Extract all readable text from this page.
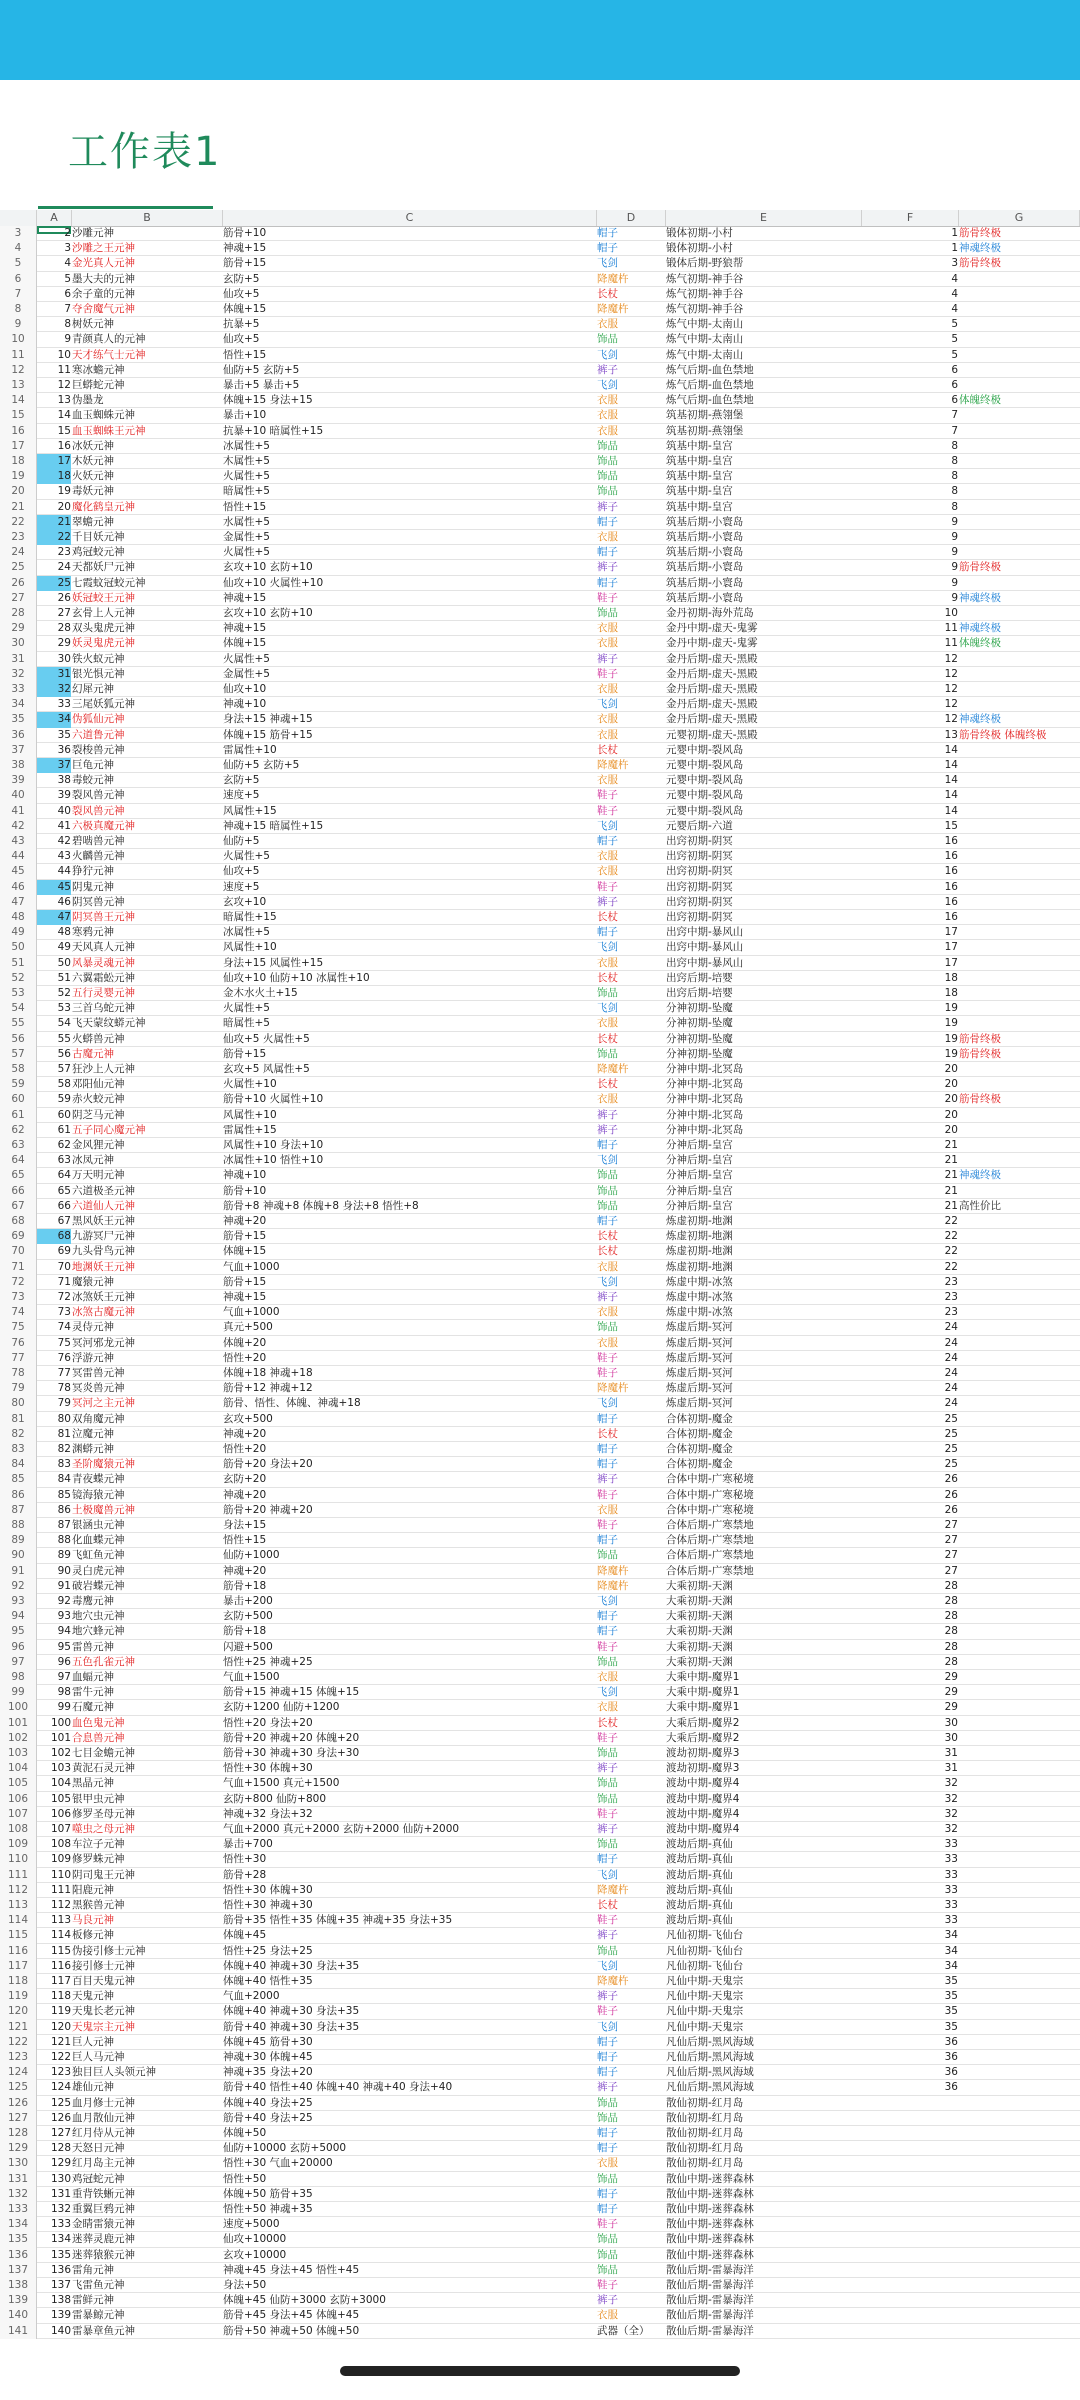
工作表1
A	B	C	D	E	F	G
3	2 沙雕元神	筋骨+10	帽子	锻体初期-小村	1 筋骨终极
4	3 沙雕之王元神	神魂+15	帽子	锻体初期-小村	1 神魂终极
5	4 金光真人元神	筋骨+15	飞剑	锻体后期-野狼帮	3 筋骨终极
6	5 墨大夫的元神	玄防+5	降魔杵	炼气初期-神手谷	4
7	6 余子童的元神	仙攻+5	长杖	炼气初期-神手谷	4
8	7 夺舍魔气元神	体魄+15	降魔杵	炼气初期-神手谷	4
9	8 树妖元神	抗暴+5	衣服	炼气中期-太南山	5
10	9 青颜真人的元神	仙攻+5	饰品	炼气中期-太南山	5
11	10 天才练气士元神	悟性+15	飞剑	炼气中期-太南山	5
12	11 寒冰蟾元神	仙防+5 玄防+5	裤子	炼气后期-血色禁地	6
13	12 巨蟒蛇元神	暴击+5 暴击+5	飞剑	炼气后期-血色禁地	6
14	13 伪墨龙	体魄+15 身法+15	衣服	炼气后期-血色禁地	6 体魄终极
15	14 血玉蜘蛛元神	暴击+10	衣服	筑基初期-燕翎堡	7
16	15 血玉蜘蛛王元神	抗暴+10 暗属性+15	衣服	筑基初期-燕翎堡	7
17	16 冰妖元神	冰属性+5	饰品	筑基中期-皇宫	8
18	17 木妖元神	木属性+5	饰品	筑基中期-皇宫	8
19	18 火妖元神	火属性+5	饰品	筑基中期-皇宫	8
20	19 毒妖元神	暗属性+5	饰品	筑基中期-皇宫	8
21	20 魔化鹤皇元神	悟性+15	裤子	筑基中期-皇宫	8
22	21 翠蟾元神	水属性+5	帽子	筑基后期-小寰岛	9
23	22 千目妖元神	金属性+5	衣服	筑基后期-小寰岛	9
24	23 鸡冠蛟元神	火属性+5	帽子	筑基后期-小寰岛	9
25	24 天都妖尸元神	玄攻+10 玄防+10	裤子	筑基后期-小寰岛	9 筋骨终极
26	25 七霞蚊冠蛟元神	仙攻+10 火属性+10	帽子	筑基后期-小寰岛	9
27	26 妖冠蛟王元神	神魂+15	鞋子	筑基后期-小寰岛	9 神魂终极
28	27 玄骨上人元神	玄攻+10 玄防+10	饰品	金丹初期-海外荒岛	10
29	28 双头鬼虎元神	神魂+15	衣服	金丹中期-虚天-鬼雾	11 神魂终极
30	29 妖灵鬼虎元神	体魄+15	衣服	金丹中期-虚天-鬼雾	11 体魄终极
31	30 铁火蚁元神	火属性+5	裤子	金丹后期-虚天-黑殿	12
32	31 银光惧元神	金属性+5	鞋子	金丹后期-虚天-黑殿	12
33	32 幻犀元神	仙攻+10	衣服	金丹后期-虚天-黑殿	12
34	33 三尾妖狐元神	神魂+10	飞剑	金丹后期-虚天-黑殿	12
35	34 伪狐仙元神	身法+15 神魂+15	衣服	金丹后期-虚天-黑殿	12 神魂终极
36	35 六道鲁元神	体魄+15 筋骨+15	衣服	元婴初期-虚天-黑殿	13 筋骨终极 体魄终极
37	36 裂梭兽元神	雷属性+10	长杖	元婴中期-裂风岛	14
38	37 巨龟元神	仙防+5 玄防+5	降魔杵	元婴中期-裂风岛	14
39	38 毒蛟元神	玄防+5	衣服	元婴中期-裂风岛	14
40	39 裂风兽元神	速度+5	鞋子	元婴中期-裂风岛	14
41	40 裂风兽元神	风属性+15	鞋子	元婴中期-裂风岛	14
42	41 六极真魔元神	神魂+15 暗属性+15	飞剑	元婴后期-六道	15
43	42 碧啮兽元神	仙防+5	帽子	出窍初期-阴冥	16
44	43 火麟兽元神	火属性+5	衣服	出窍初期-阴冥	16
45	44 狰狞元神	仙攻+5	衣服	出窍初期-阴冥	16
46	45 阴鬼元神	速度+5	鞋子	出窍初期-阴冥	16
47	46 阴冥兽元神	玄攻+10	裤子	出窍初期-阴冥	16
48	47 阴冥兽王元神	暗属性+15	长杖	出窍初期-阴冥	16
49	48 寒鸦元神	冰属性+5	帽子	出窍中期-暴风山	17
50	49 天风真人元神	风属性+10	飞剑	出窍中期-暴风山	17
51	50 风暴灵魂元神	身法+15 风属性+15	衣服	出窍中期-暴风山	17
52	51 六翼霜蚣元神	仙攻+10 仙防+10 冰属性+10	长杖	出窍后期-培婴	18
53	52 五行灵婴元神	金木水火土+15	饰品	出窍后期-培婴	18
54	53 三首乌蛇元神	火属性+5	飞剑	分神初期-坠魔	19
55	54 飞天蒙纹蟒元神	暗属性+5	衣服	分神初期-坠魔	19
56	55 火蟒兽元神	仙攻+5 火属性+5	长杖	分神初期-坠魔	19 筋骨终极
57	56 古魔元神	筋骨+15	饰品	分神初期-坠魔	19 筋骨终极
58	57 狂沙上人元神	玄攻+5 风属性+5	降魔杵	分神中期-北冥岛	20
59	58 邓阳仙元神	火属性+10	长杖	分神中期-北冥岛	20
60	59 赤火蛟元神	筋骨+10 火属性+10	衣服	分神中期-北冥岛	20 筋骨终极
61	60 阴芝马元神	风属性+10	裤子	分神中期-北冥岛	20
62	61 五子同心魔元神	雷属性+15	裤子	分神中期-北冥岛	20
63	62 金风狸元神	风属性+10 身法+10	帽子	分神后期-皇宫	21
64	63 冰凤元神	冰属性+10 悟性+10	飞剑	分神后期-皇宫	21
65	64 万天明元神	神魂+10	饰品	分神后期-皇宫	21 神魂终极
66	65 六道极圣元神	筋骨+10	饰品	分神后期-皇宫	21
67	66 六道仙人元神	筋骨+8 神魂+8 体魄+8 身法+8 悟性+8	饰品	分神后期-皇宫	21 高性价比
68	67 黑风妖王元神	神魂+20	帽子	炼虚初期-地渊	22
69	68 九游冥尸元神	筋骨+15	长杖	炼虚初期-地渊	22
70	69 九头骨鸟元神	体魄+15	长杖	炼虚初期-地渊	22
71	70 地渊妖王元神	气血+1000	衣服	炼虚初期-地渊	22
72	71 魔猿元神	筋骨+15	飞剑	炼虚中期-冰煞	23
73	72 冰煞妖王元神	神魂+15	裤子	炼虚中期-冰煞	23
74	73 冰煞古魔元神	气血+1000	衣服	炼虚中期-冰煞	23
75	74 灵侍元神	真元+500	饰品	炼虚后期-冥河	24
76	75 冥河邪龙元神	体魄+20	衣服	炼虚后期-冥河	24
77	76 浮游元神	悟性+20	鞋子	炼虚后期-冥河	24
78	77 冥雷兽元神	体魄+18 神魂+18	鞋子	炼虚后期-冥河	24
79	78 冥炎兽元神	筋骨+12 神魂+12	降魔杵	炼虚后期-冥河	24
80	79 冥河之主元神	筋骨、悟性、体魄、神魂+18	飞剑	炼虚后期-冥河	24
81	80 双角魔元神	玄攻+500	帽子	合体初期-魔金	25
82	81 泣魔元神	神魂+20	长杖	合体初期-魔金	25
83	82 渊蟒元神	悟性+20	帽子	合体初期-魔金	25
84	83 圣阶魔猿元神	筋骨+20 身法+20	帽子	合体初期-魔金	25
85	84 青夜蝶元神	玄防+20	裤子	合体中期-广寒秘境	26
86	85 镜海猿元神	神魂+20	鞋子	合体中期-广寒秘境	26
87	86 土极魔兽元神	筋骨+20 神魂+20	衣服	合体中期-广寒秘境	26
88	87 银涵虫元神	身法+15	鞋子	合体后期-广寒禁地	27
89	88 化血蝶元神	悟性+15	帽子	合体后期-广寒禁地	27
90	89 飞虹鱼元神	仙防+1000	饰品	合体后期-广寒禁地	27
91	90 灵白虎元神	神魂+20	降魔杵	合体后期-广寒禁地	27
92	91 破岩蝶元神	筋骨+18	降魔杵	大乘初期-天渊	28
93	92 毒鹰元神	暴击+200	飞剑	大乘初期-天渊	28
94	93 地穴虫元神	玄防+500	帽子	大乘初期-天渊	28
95	94 地穴蜂元神	筋骨+18	帽子	大乘初期-天渊	28
96	95 雷兽元神	闪避+500	鞋子	大乘初期-天渊	28
97	96 五色孔雀元神	悟性+25 神魂+25	饰品	大乘初期-天渊	28
98	97 血蝠元神	气血+1500	衣服	大乘中期-魔界1	29
99	98 雷牛元神	筋骨+15 神魂+15 体魄+15	飞剑	大乘中期-魔界1	29
100	99 石魔元神	玄防+1200 仙防+1200	衣服	大乘中期-魔界1	29
101	100 血色鬼元神	悟性+20 身法+20	长杖	大乘后期-魔界2	30
102	101 合息兽元神	筋骨+20 神魂+20 体魄+20	鞋子	大乘后期-魔界2	30
103	102 七目金蟾元神	筋骨+30 神魂+30 身法+30	饰品	渡劫初期-魔界3	31
104	103 黄泥石灵元神	悟性+30 体魄+30	裤子	渡劫初期-魔界3	31
105	104 黑晶元神	气血+1500 真元+1500	饰品	渡劫中期-魔界4	32
106	105 银甲虫元神	玄防+800 仙防+800	饰品	渡劫中期-魔界4	32
107	106 修罗圣母元神	神魂+32 身法+32	鞋子	渡劫中期-魔界4	32
108	107 噬虫之母元神	气血+2000 真元+2000 玄防+2000 仙防+2000	裤子	渡劫中期-魔界4	32
109	108 车泣子元神	暴击+700	饰品	渡劫后期-真仙	33
110	109 修罗蛛元神	悟性+30	帽子	渡劫后期-真仙	33
111	110 阴司鬼王元神	筋骨+28	飞剑	渡劫后期-真仙	33
112	111 阳鹿元神	悟性+30 体魄+30	降魔杵	渡劫后期-真仙	33
113	112 黑猴兽元神	悟性+30 神魂+30	长杖	渡劫后期-真仙	33
114	113 马良元神	筋骨+35 悟性+35 体魄+35 神魂+35 身法+35	鞋子	渡劫后期-真仙	33
115	114 板修元神	体魄+45	裤子	凡仙初期-飞仙台	34
116	115 伪接引修士元神	悟性+25 身法+25	饰品	凡仙初期-飞仙台	34
117	116 接引修士元神	体魄+40 神魂+30 身法+35	飞剑	凡仙初期-飞仙台	34
118	117 百目天鬼元神	体魄+40 悟性+35	降魔杵	凡仙中期-天鬼宗	35
119	118 天鬼元神	气血+2000	裤子	凡仙中期-天鬼宗	35
120	119 天鬼长老元神	体魄+40 神魂+30 身法+35	鞋子	凡仙中期-天鬼宗	35
121	120 天鬼宗主元神	筋骨+40 神魂+30 身法+35	飞剑	凡仙中期-天鬼宗	35
122	121 巨人元神	体魄+45 筋骨+30	帽子	凡仙后期-黑风海域	36
123	122 巨人马元神	神魂+30 体魄+45	帽子	凡仙后期-黑风海域	36
124	123 独目巨人头领元神	神魂+35 身法+20	帽子	凡仙后期-黑风海域	36
125	124 雄仙元神	筋骨+40 悟性+40 体魄+40 神魂+40 身法+40	裤子	凡仙后期-黑风海域	36
126	125 血月修士元神	体魄+40 身法+25	饰品	散仙初期-红月岛
127	126 血月散仙元神	筋骨+40 身法+25	饰品	散仙初期-红月岛
128	127 红月侍从元神	体魄+50	帽子	散仙初期-红月岛
129	128 天怒日元神	仙防+10000 玄防+5000	帽子	散仙初期-红月岛
130	129 红月岛主元神	悟性+30 气血+20000	衣服	散仙初期-红月岛
131	130 鸡冠蛇元神	悟性+50	饰品	散仙中期-迷葬森林
132	131 重背铁蜥元神	体魄+50 筋骨+35	帽子	散仙中期-迷葬森林
133	132 重翼巨鸦元神	悟性+50 神魂+35	帽子	散仙中期-迷葬森林
134	133 金睛雷猿元神	速度+5000	鞋子	散仙中期-迷葬森林
135	134 迷葬灵鹿元神	仙攻+10000	饰品	散仙中期-迷葬森林
136	135 迷葬猿猴元神	玄攻+10000	饰品	散仙中期-迷葬森林
137	136 雷角元神	神魂+45 身法+45 悟性+45	饰品	散仙后期-雷暴海洋
138	137 飞雷鱼元神	身法+50	鞋子	散仙后期-雷暴海洋
139	138 雷鲜元神	体魄+45 仙防+3000 玄防+3000	裤子	散仙后期-雷暴海洋
140	139 雷暴鲸元神	筋骨+45 身法+45 体魄+45	衣服	散仙后期-雷暴海洋
141	140 雷暴章鱼元神	筋骨+50 神魂+50 体魄+50	武器（全）	散仙后期-雷暴海洋
